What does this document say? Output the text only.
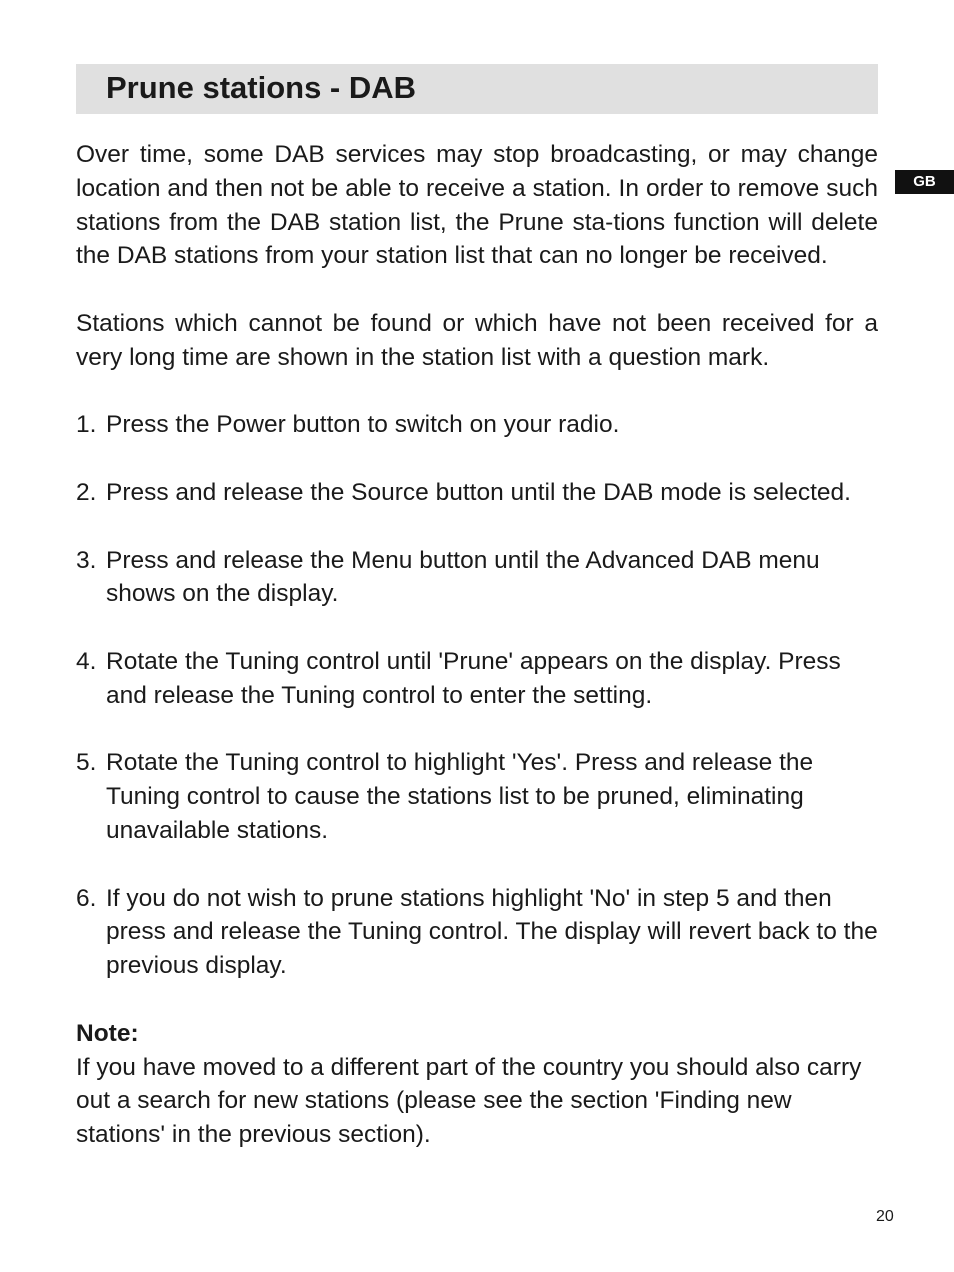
Prune stations - DAB
GB

Over time, some DAB services may stop broadcasting, or may change location and then not be able to receive a station. In order to remove such stations from the DAB station list, the Prune sta-tions function will delete the DAB stations from your station list that can no longer be received.

Stations which cannot be found or which have not been received for a very long time are shown in the station list with a question mark.

1. Press the Power button to switch on your radio.
2. Press and release the Source button until the DAB mode is selected.
3. Press and release the Menu button until the Advanced DAB menu shows on the display.
4. Rotate the Tuning control until 'Prune' appears on the display. Press and release the Tuning control to enter the setting.
5. Rotate the Tuning control to highlight 'Yes'. Press and release the Tuning control to cause the stations list to be pruned, eliminating unavailable stations.
6. If you do not wish to prune stations highlight 'No' in step 5 and then press and release the Tuning control. The display will revert back to the previous display.

Note:

If you have moved to a different part of the country you should also carry out a search for new stations (please see the section 'Finding new stations' in the previous section).

20
